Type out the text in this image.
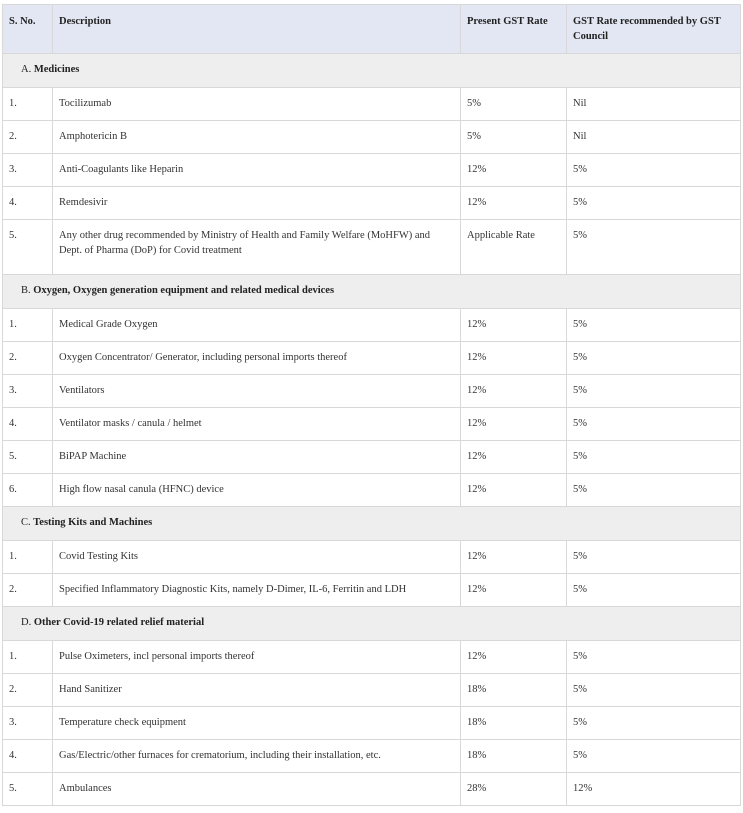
S. No.	Description	Present GST Rate	GST Rate recommended by GST Council
A. Medicines			
1.	Tocilizumab	5%	Nil
2.	Amphotericin B	5%	Nil
3.	Anti-Coagulants like Heparin	12%	5%
4.	Remdesivir	12%	5%
5.	Any other drug recommended by Ministry of Health and Family Welfare (MoHFW) and Dept. of Pharma (DoP) for Covid treatment	Applicable Rate	5%
B. Oxygen, Oxygen generation equipment and related medical devices			
1.	Medical Grade Oxygen	12%	5%
2.	Oxygen Concentrator/ Generator, including personal imports thereof	12%	5%
3.	Ventilators	12%	5%
4.	Ventilator masks / canula / helmet	12%	5%
5.	BiPAP Machine	12%	5%
6.	High flow nasal canula (HFNC) device	12%	5%
C. Testing Kits and Machines			
1.	Covid Testing Kits	12%	5%
2.	Specified Inflammatory Diagnostic Kits, namely D-Dimer, IL-6, Ferritin and LDH	12%	5%
D. Other Covid-19 related relief material			
1.	Pulse Oximeters, incl personal imports thereof	12%	5%
2.	Hand Sanitizer	18%	5%
3.	Temperature check equipment	18%	5%
4.	Gas/Electric/other furnaces for crematorium, including their installation, etc.	18%	5%
5.	Ambulances	28%	12%
